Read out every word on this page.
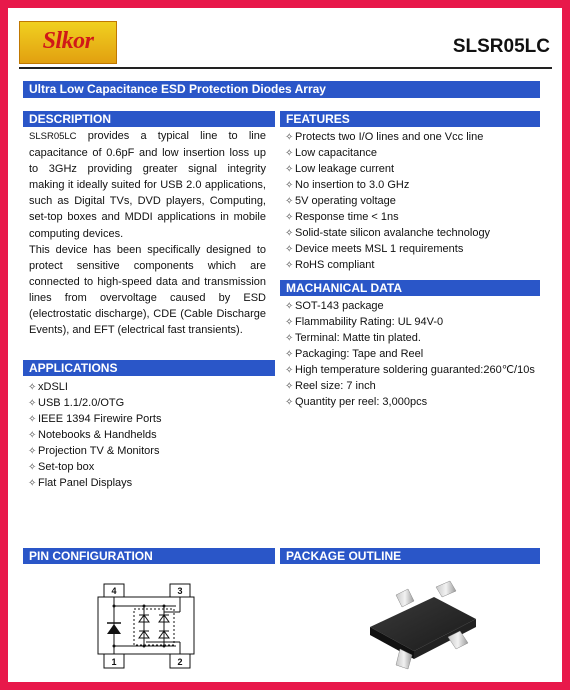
Slkor	SLSR05LC
Ultra Low Capacitance ESD Protection Diodes Array
DESCRIPTION

SLSR05LC provides a typical line to line capacitance of 0.6pF and low insertion loss up to 3GHz providing greater signal integrity making it ideally suited for USB 2.0 applications, such as Digital TVs, DVD players, Computing, set-top boxes and MDDI applications in mobile computing devices.

This device has been specifically designed to protect sensitive components which are connected to high-speed data and transmission lines from overvoltage caused by ESD (electrostatic discharge), CDE (Cable Discharge Events), and EFT (electrical fast transients).

FEATURES
✧ Protects two I/O lines and one Vcc line
✧ Low capacitance
✧ Low leakage current
✧ No insertion to 3.0 GHz
✧ 5V operating voltage
✧ Response time < 1ns
✧ Solid-state silicon avalanche technology
✧ Device meets MSL 1 requirements
✧ RoHS compliant
MACHANICAL DATA
✧ SOT-143 package
✧ Flammability Rating: UL 94V-0
✧ Terminal: Matte tin plated.
✧ Packaging: Tape and Reel
✧ High temperature soldering guaranted:260℃/10s
✧ Reel size: 7 inch
✧ Quantity per reel: 3,000pcs
APPLICATIONS
✧ xDSLI
✧ USB 1.1/2.0/OTG
✧ IEEE 1394 Firewire Ports
✧ Notebooks & Handhelds
✧ Projection TV & Monitors
✧ Set-top box
✧ Flat Panel Displays
PIN CONFIGURATION
4	3
1	2
PACKAGE OUTLINE
